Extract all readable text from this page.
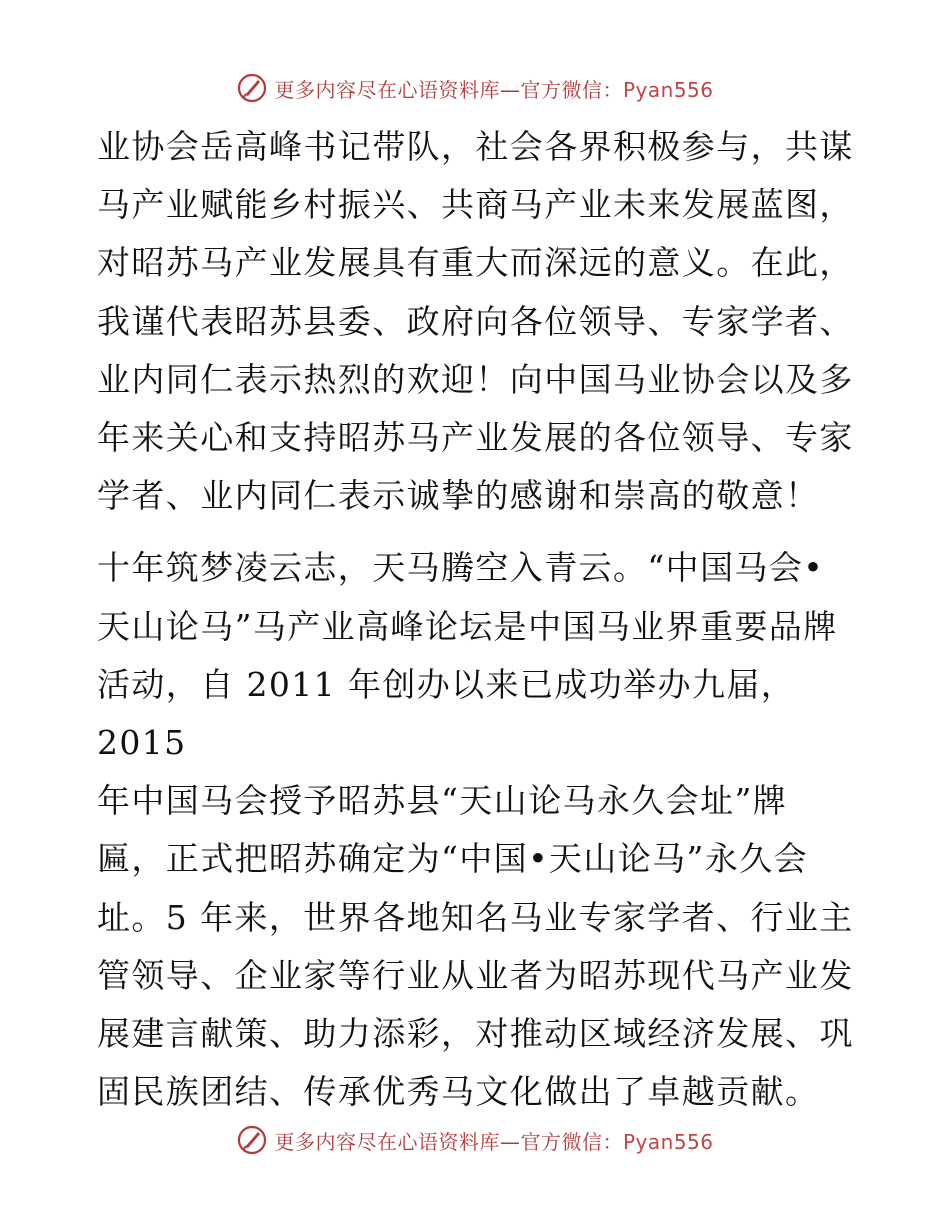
更多内容尽在心语资料库—官方微信：Pyan556

业协会岳高峰书记带队，社会各界积极参与，共谋
马产业赋能乡村振兴、共商马产业未来发展蓝图，
对昭苏马产业发展具有重大而深远的意义。在此，
我谨代表昭苏县委、政府向各位领导、专家学者、
业内同仁表示热烈的欢迎！向中国马业协会以及多
年来关心和支持昭苏马产业发展的各位领导、专家
学者、业内同仁表示诚挚的感谢和崇高的敬意！

十年筑梦凌云志，天马腾空入青云。“中国马会•
天山论马”马产业高峰论坛是中国马业界重要品牌
活动，自 2011 年创办以来已成功举办九届，2015
年中国马会授予昭苏县“天山论马永久会址”牌
匾，正式把昭苏确定为“中国•天山论马”永久会
址。5 年来，世界各地知名马业专家学者、行业主
管领导、企业家等行业从业者为昭苏现代马产业发
展建言献策、助力添彩，对推动区域经济发展、巩
固民族团结、传承优秀马文化做出了卓越贡献。

更多内容尽在心语资料库—官方微信：Pyan556
